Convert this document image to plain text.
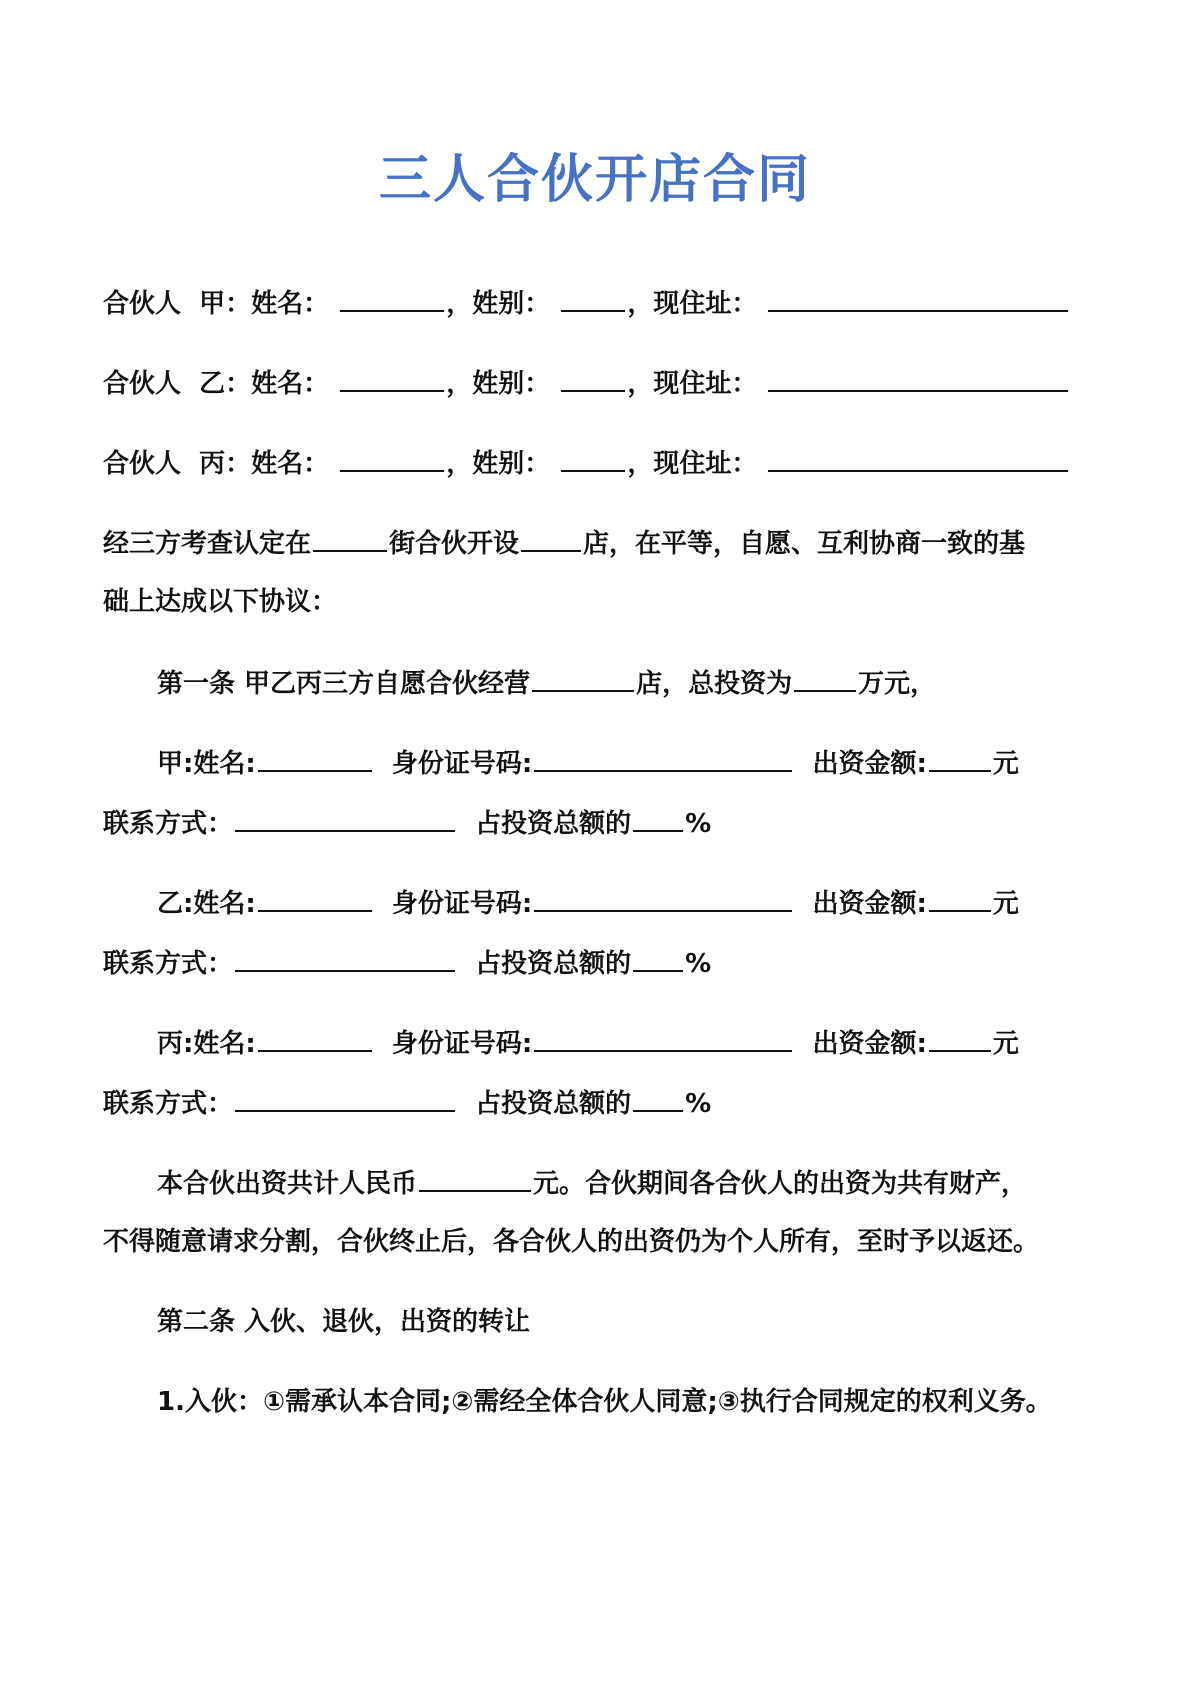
三人合伙开店合同
合伙人 甲：姓名：	，姓别：	，现住址：
合伙人 乙：姓名：	，姓别：	，现住址：
合伙人 丙：姓名：	，姓别：	，现住址：
经三方考查认定在	街合伙开设 店，在平等，自愿、互利协商一致的基
础上达成以下协议：
第一条 甲乙丙三方自愿合伙经营	店，总投资为	万元，
甲:姓名:	身份证号码:	出资金额:	元
联系方式：	占投资总额的 %
乙:姓名:	身份证号码:	出资金额:	元
联系方式：	占投资总额的 %
丙:姓名:	身份证号码:	出资金额:	元
联系方式：	占投资总额的 %
本合伙出资共计人民币	元。合伙期间各合伙人的出资为共有财产，
不得随意请求分割，合伙终止后，各合伙人的出资仍为个人所有，至时予以返还。
第二条 入伙、退伙，出资的转让
1.入伙：①需承认本合同;②需经全体合伙人同意;③执行合同规定的权利义务。
